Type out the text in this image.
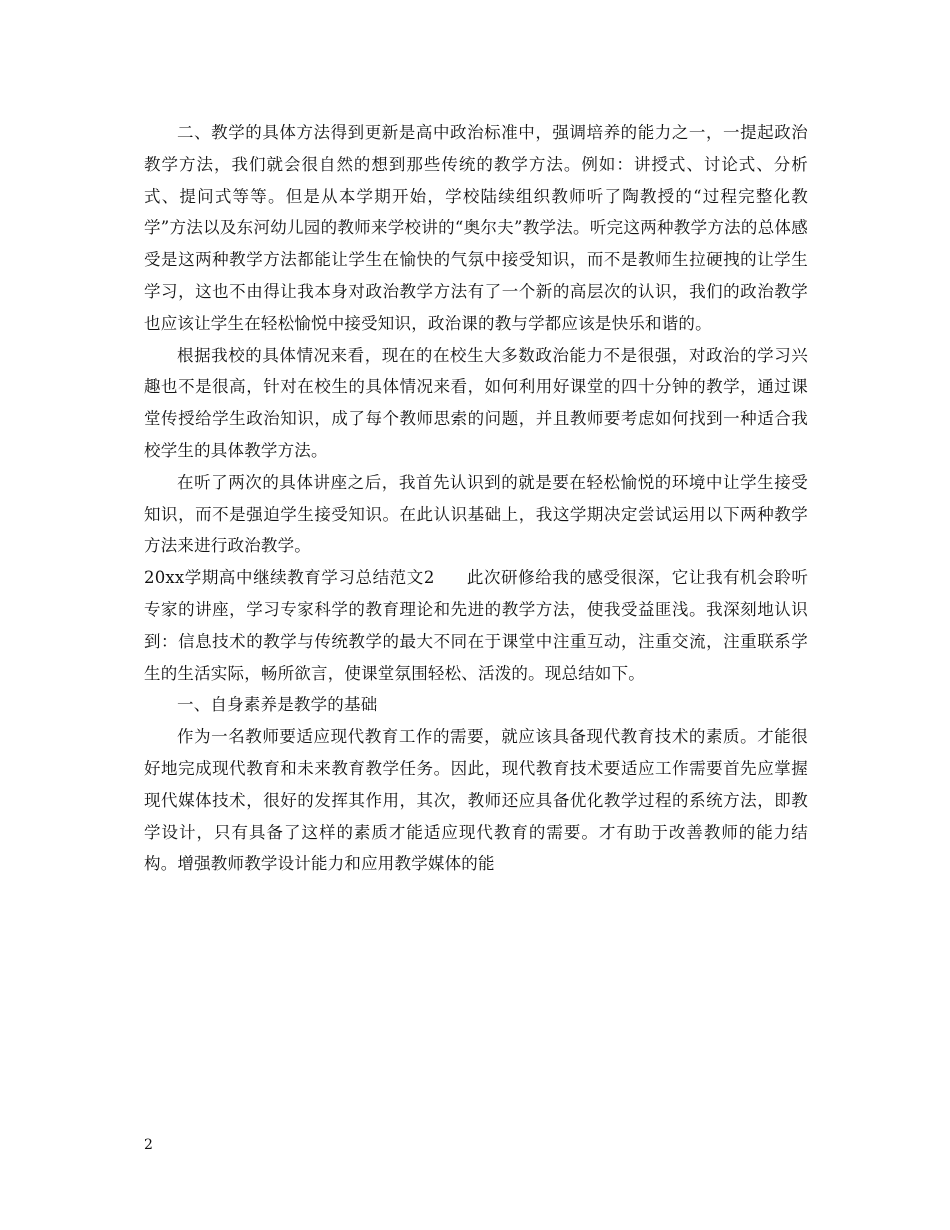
二、教学的具体方法得到更新是高中政治标准中，强调培养的能力之一，一提起政治教学方法，我们就会很自然的想到那些传统的教学方法。例如：讲授式、讨论式、分析式、提问式等等。但是从本学期开始，学校陆续组织教师听了陶教授的“过程完整化教学”方法以及东河幼儿园的教师来学校讲的“奥尔夫”教学法。听完这两种教学方法的总体感受是这两种教学方法都能让学生在愉快的气氛中接受知识，而不是教师生拉硬拽的让学生学习，这也不由得让我本身对政治教学方法有了一个新的高层次的认识，我们的政治教学也应该让学生在轻松愉悦中接受知识，政治课的教与学都应该是快乐和谐的。

根据我校的具体情况来看，现在的在校生大多数政治能力不是很强，对政治的学习兴趣也不是很高，针对在校生的具体情况来看，如何利用好课堂的四十分钟的教学，通过课堂传授给学生政治知识，成了每个教师思索的问题，并且教师要考虑如何找到一种适合我校学生的具体教学方法。

在听了两次的具体讲座之后，我首先认识到的就是要在轻松愉悦的环境中让学生接受知识，而不是强迫学生接受知识。在此认识基础上，我这学期决定尝试运用以下两种教学方法来进行政治教学。

20xx学期高中继续教育学习总结范文2 此次研修给我的感受很深，它让我有机会聆听专家的讲座，学习专家科学的教育理论和先进的教学方法，使我受益匪浅。我深刻地认识到：信息技术的教学与传统教学的最大不同在于课堂中注重互动，注重交流，注重联系学生的生活实际，畅所欲言，使课堂氛围轻松、活泼的。现总结如下。

一、自身素养是教学的基础

作为一名教师要适应现代教育工作的需要，就应该具备现代教育技术的素质。才能很好地完成现代教育和未来教育教学任务。因此，现代教育技术要适应工作需要首先应掌握现代媒体技术，很好的发挥其作用，其次，教师还应具备优化教学过程的系统方法，即教学设计，只有具备了这样的素质才能适应现代教育的需要。才有助于改善教师的能力结构。增强教师教学设计能力和应用教学媒体的能

2
